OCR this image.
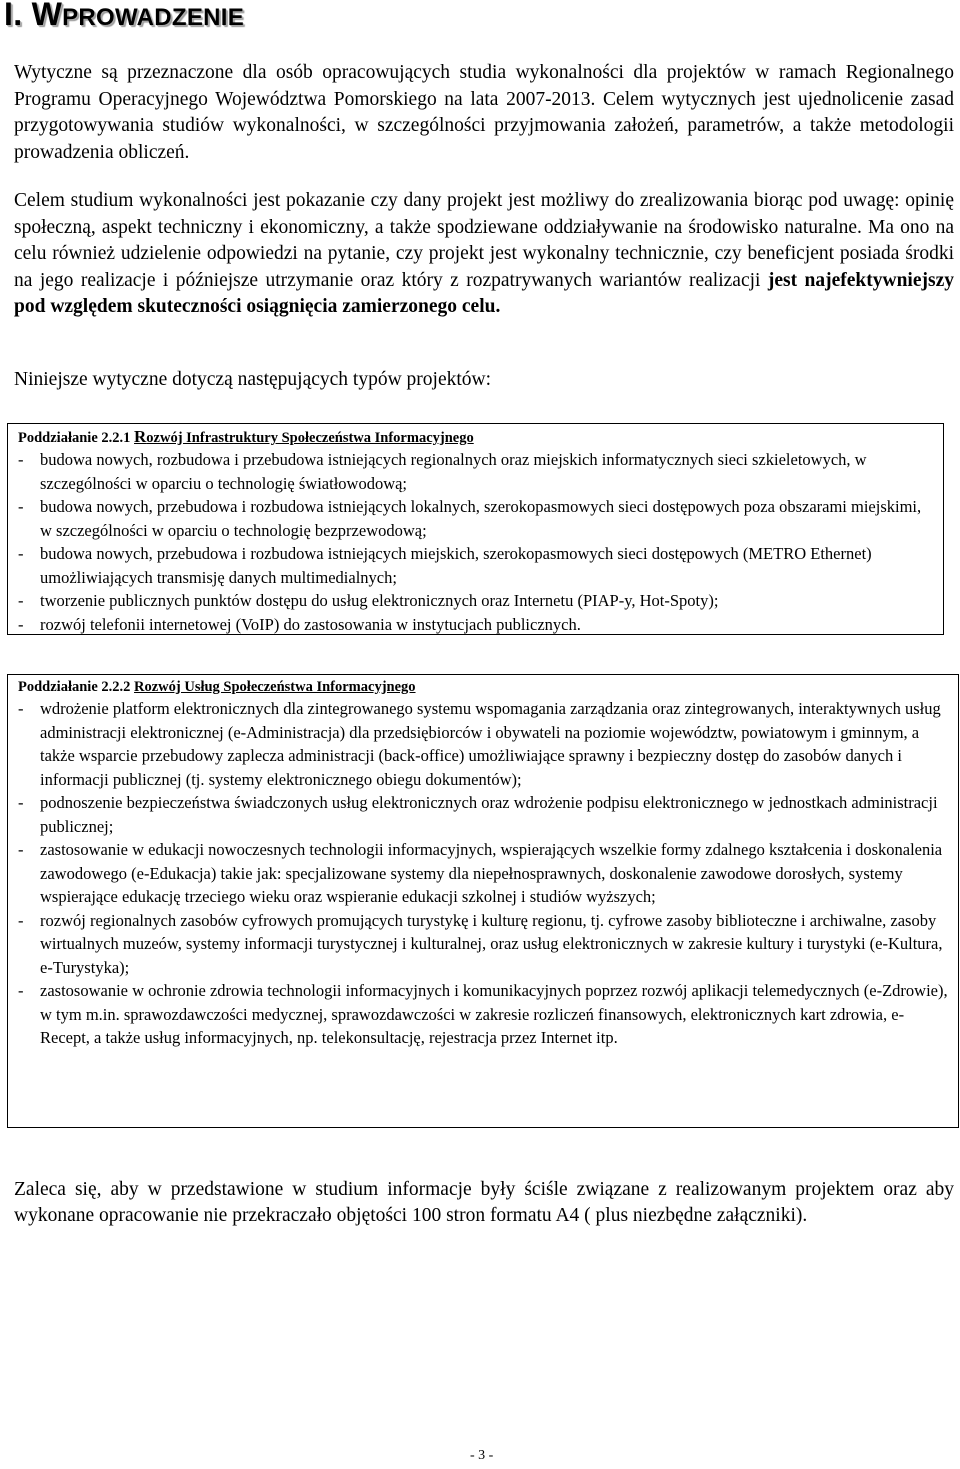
I. WPROWADZENIE
Wytyczne są przeznaczone dla osób opracowujących studia wykonalności dla projektów w ramach Regionalnego Programu Operacyjnego Województwa Pomorskiego na lata 2007-2013. Celem wytycznych jest ujednolicenie zasad przygotowywania studiów wykonalności, w szczególności przyjmowania założeń, parametrów, a także metodologii prowadzenia obliczeń.
Celem studium wykonalności jest pokazanie czy dany projekt jest możliwy do zrealizowania biorąc pod uwagę: opinię społeczną, aspekt techniczny i ekonomiczny, a także spodziewane oddziaływanie na środowisko naturalne. Ma ono na celu również udzielenie odpowiedzi na pytanie, czy projekt jest wykonalny technicznie, czy beneficjent posiada środki na jego realizacje i późniejsze utrzymanie oraz który z rozpatrywanych wariantów realizacji jest najefektywniejszy pod względem skuteczności osiągnięcia zamierzonego celu.
Niniejsze wytyczne dotyczą następujących typów projektów:
Poddziałanie 2.2.1 Rozwój Infrastruktury Społeczeństwa Informacyjnego
- budowa nowych, rozbudowa i przebudowa istniejących regionalnych oraz miejskich informatycznych sieci szkieletowych, w szczególności w oparciu o technologię światłowodową;
- budowa nowych, przebudowa i rozbudowa istniejących lokalnych, szerokopasmowych sieci dostępowych poza obszarami miejskimi, w szczególności w oparciu o technologię bezprzewodową;
- budowa nowych, przebudowa i rozbudowa istniejących miejskich, szerokopasmowych sieci dostępowych (METRO Ethernet) umożliwiających transmisję danych multimedialnych;
- tworzenie publicznych punktów dostępu do usług elektronicznych oraz Internetu (PIAP-y, Hot-Spoty);
- rozwój telefonii internetowej (VoIP) do zastosowania w instytucjach publicznych.
Poddziałanie 2.2.2 Rozwój Usług Społeczeństwa Informacyjnego
- wdrożenie platform elektronicznych dla zintegrowanego systemu wspomagania zarządzania oraz zintegrowanych, interaktywnych usług administracji elektronicznej (e-Administracja) dla przedsiębiorców i obywateli na poziomie województw, powiatowym i gminnym, a także wsparcie przebudowy zaplecza administracji (back-office) umożliwiające sprawny i bezpieczny dostęp do zasobów danych i informacji publicznej (tj. systemy elektronicznego obiegu dokumentów);
- podnoszenie bezpieczeństwa świadczonych usług elektronicznych oraz wdrożenie podpisu elektronicznego w jednostkach administracji publicznej;
- zastosowanie w edukacji nowoczesnych technologii informacyjnych, wspierających wszelkie formy zdalnego kształcenia i doskonalenia zawodowego (e-Edukacja) takie jak: specjalizowane systemy dla niepełnosprawnych, doskonalenie zawodowe dorosłych, systemy wspierające edukację trzeciego wieku oraz wspieranie edukacji szkolnej i studiów wyższych;
- rozwój regionalnych zasobów cyfrowych promujących turystykę i kulturę regionu, tj. cyfrowe zasoby biblioteczne i archiwalne, zasoby wirtualnych muzeów, systemy informacji turystycznej i kulturalnej, oraz usług elektronicznych w zakresie kultury i turystyki (e-Kultura, e-Turystyka);
- zastosowanie w ochronie zdrowia technologii informacyjnych i komunikacyjnych poprzez rozwój aplikacji telemedycznych (e-Zdrowie), w tym m.in. sprawozdawczości medycznej, sprawozdawczości w zakresie rozliczeń finansowych, elektronicznych kart zdrowia, e-Recept, a także usług informacyjnych, np. telekonsultację, rejestracja przez Internet itp.
Zaleca się, aby w przedstawione w studium informacje były ściśle związane z realizowanym projektem oraz aby wykonane opracowanie nie przekraczało objętości 100 stron formatu A4 ( plus niezbędne załączniki).
- 3 -
